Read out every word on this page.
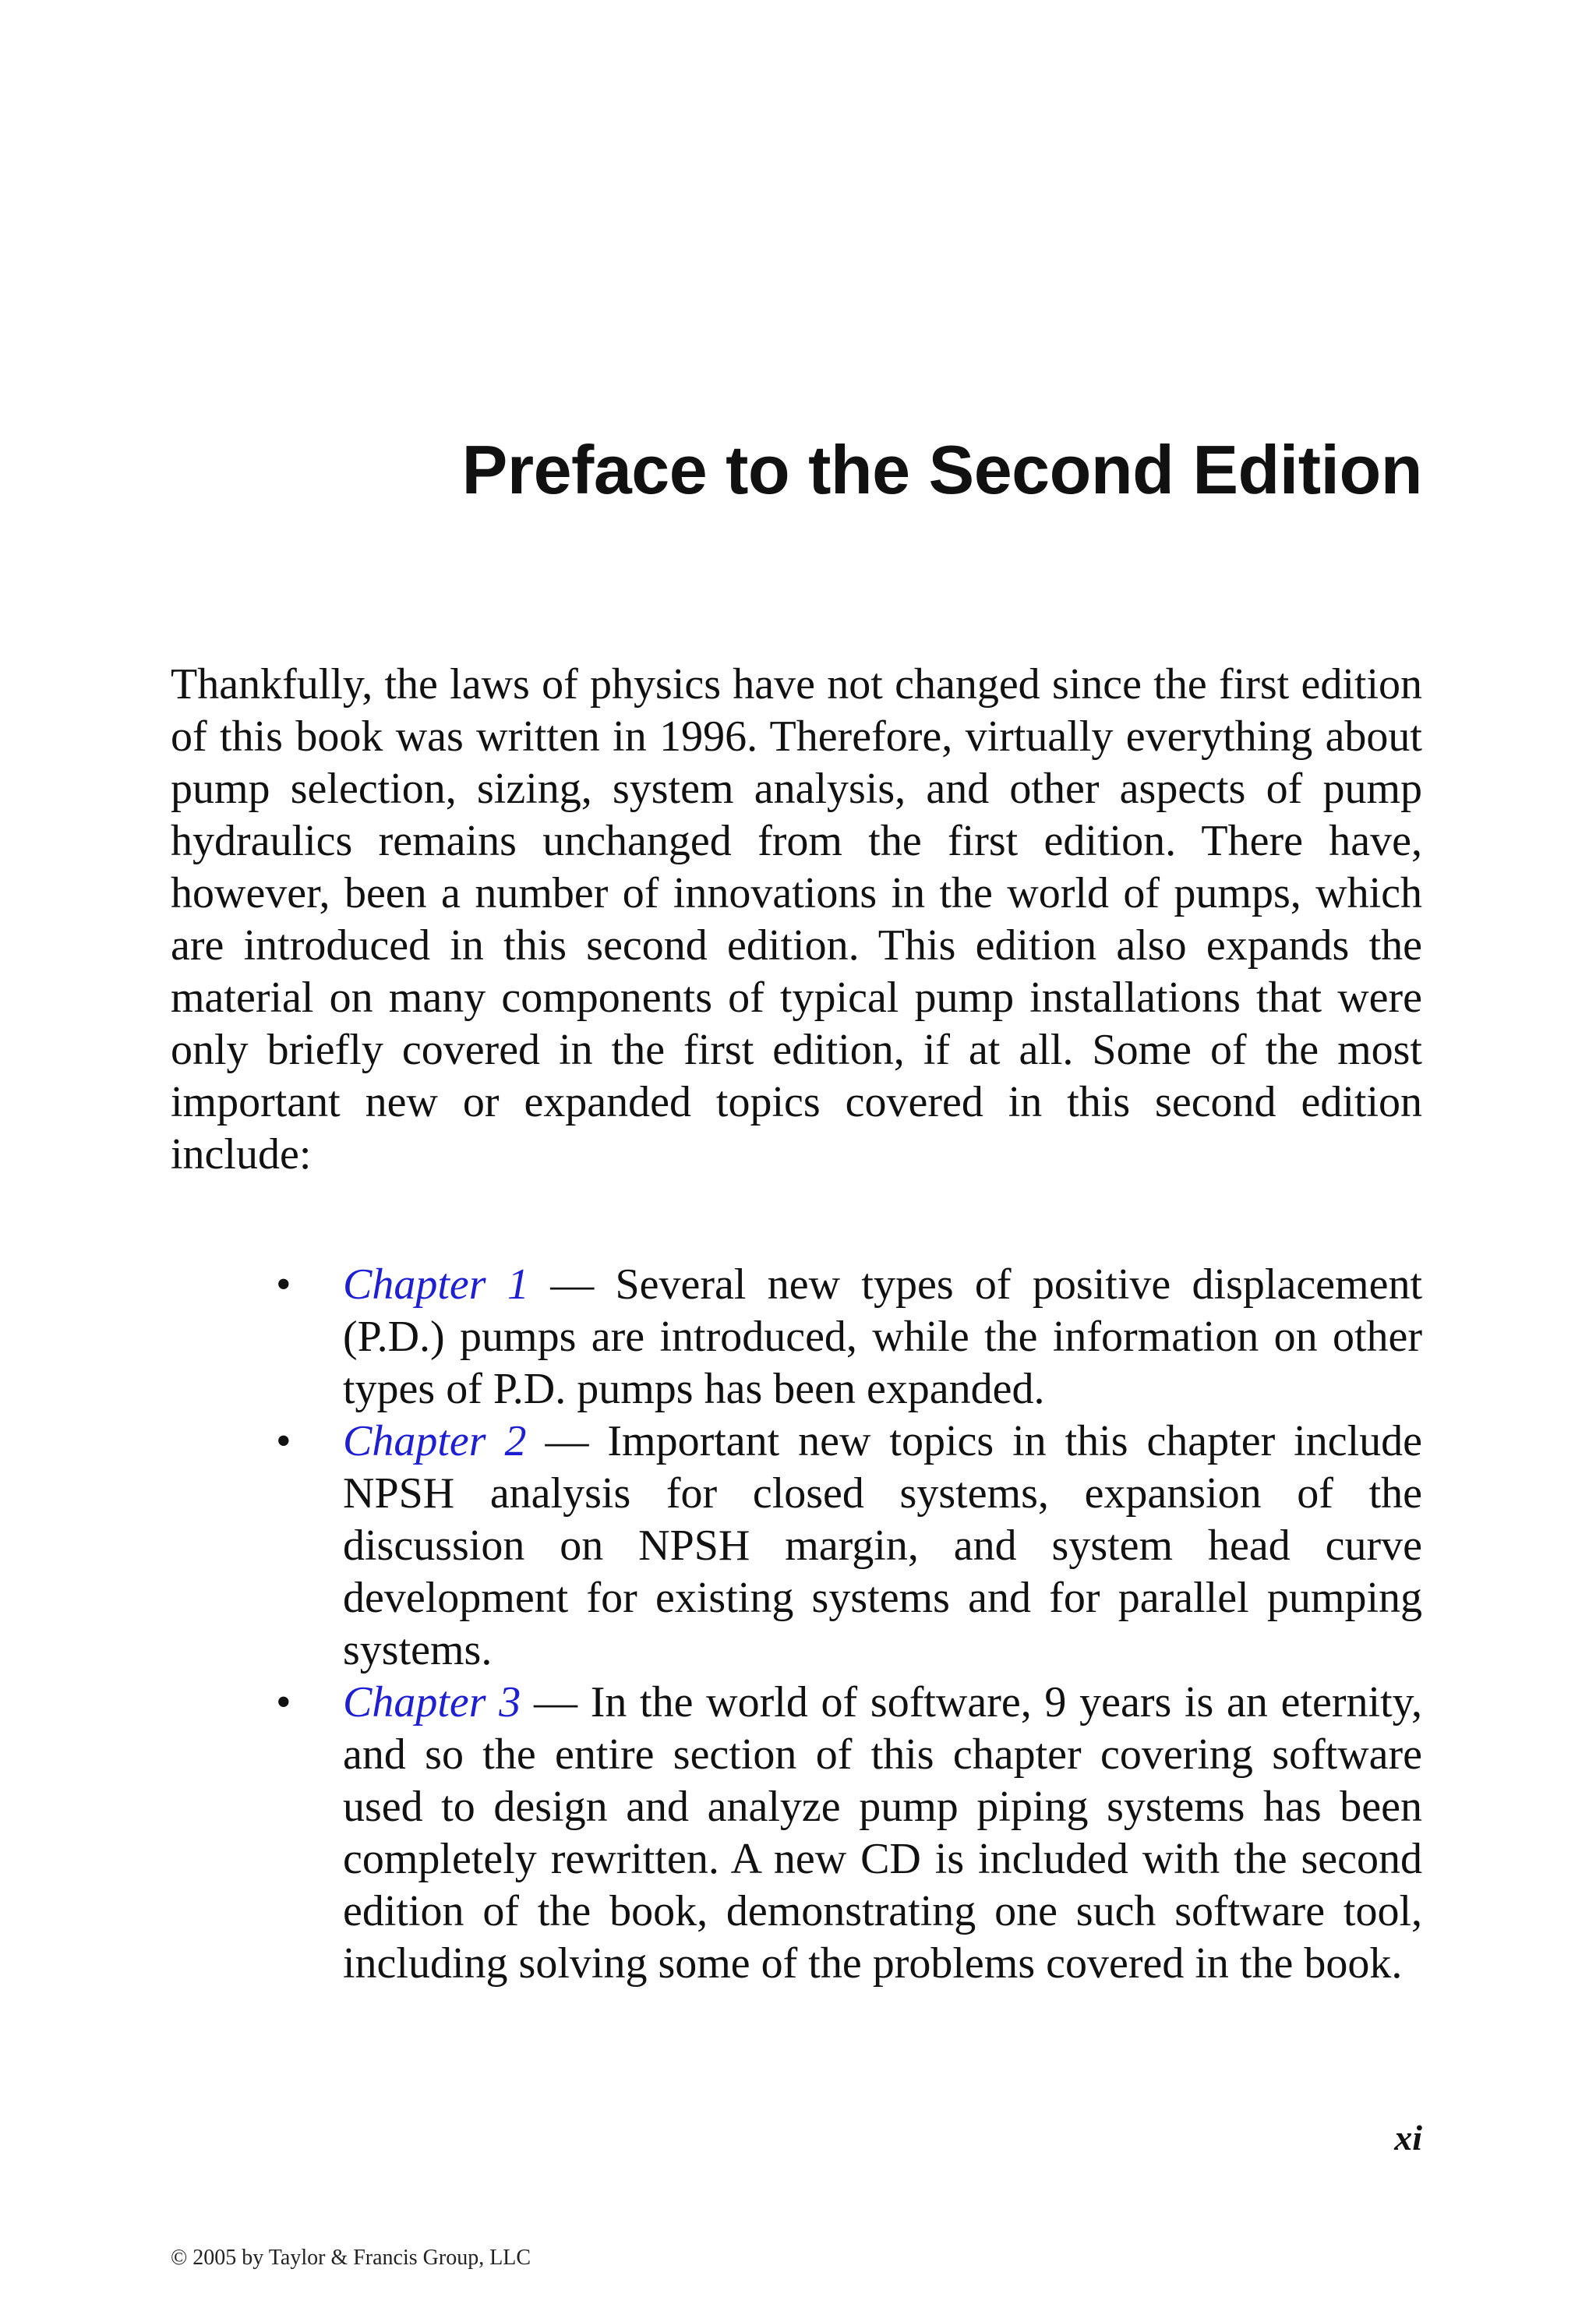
Preface to the Second Edition

Thankfully, the laws of physics have not changed since the first edition of this book was written in 1996. Therefore, virtually everything about pump selection, sizing, system analysis, and other aspects of pump hydraulics remains unchanged from the first edition. There have, however, been a number of innovations in the world of pumps, which are introduced in this second edition. This edition also expands the material on many components of typical pump installations that were only briefly covered in the first edition, if at all. Some of the most important new or expanded topics covered in this second edition include:

• Chapter 1 — Several new types of positive displacement (P.D.) pumps are introduced, while the information on other types of P.D. pumps has been expanded.
• Chapter 2 — Important new topics in this chapter include NPSH analysis for closed systems, expansion of the discussion on NPSH margin, and system head curve development for existing systems and for parallel pumping systems.
• Chapter 3 — In the world of software, 9 years is an eternity, and so the entire section of this chapter covering software used to design and analyze pump piping systems has been completely rewritten. A new CD is included with the second edition of the book, demonstrating one such software tool, including solving some of the problems covered in the book.

xi

© 2005 by Taylor & Francis Group, LLC
